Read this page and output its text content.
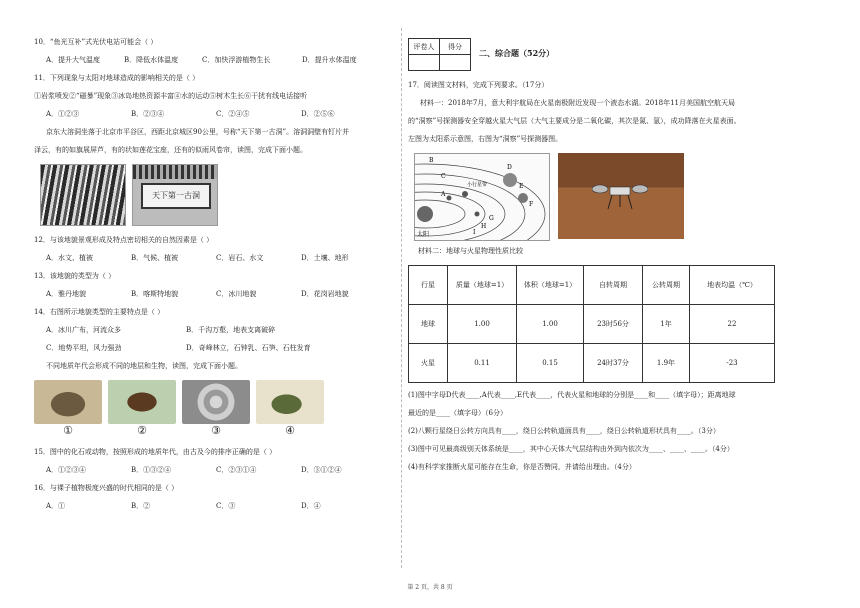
10．“鱼光互补”式光伏电站可能会（ ）

A．提升大气温度	B．降低水体温度	C．加快浮游植物生长	D．提升水体温度

11．下列现象与太阳对地球造成的影响相关的是（ ）

①岩浆喷发②“磁暴”现象③冰岛地热资源丰富④水的运动⑤树木生长⑥干扰有线电话接听

A．①②③	B．②③④	C．②④⑤	D．②⑤⑥

京东大溶洞坐落于北京市平谷区，西距北京城区90公里，号称“天下第一古洞”。溶洞洞壁有钉片并

泽云，有的如旗展屏芦，有的状如莲花宝座，还有的似雨风卷帘，读图，完成下面小题。

天下第一古洞

12．与该地貌景观形成及特点密切相关的自然因素是（ ）

A．水文、植被	B．气候、植被	C．岩石、水文	D．土壤、地形

13．该地貌的类型为（ ）

A．雅丹地貌	B．喀斯特地貌	C．冰川地貌	D．花岗岩地貌

14．右图所示地貌类型的主要特点是（ ）

A．冰川广布，河流众多	B．千沟万壑，地表支离破碎
C．地势平坦，风力强劲	D．奇峰林立，石钟乳、石笋、石柱发育

不同地质年代会形成不同的地层和生物，读图，完成下面小题。

①	②	③	④

15．图中的化石或动物，按照形成的地质年代，由古及今的排序正确的是（ ）

A．①②③④	B．①③②④	C．②③①④	D．③①②④

16．与裸子植物极度兴盛的时代相同的是（ ）

A．①	B．②	C．③	D．④
评卷人	得分

二、综合题（52分）

17．阅读图文材料，完成下列要求。（17分）

材料一：2018年7月，意大利宇航局在火星南极附近发现一个液态水湖。2018年11月美国航空航天局

的“洞察”号探测器安全穿越火星大气层（大气主要成分是二氧化碳，其次是氮、氩），成功降落在火星表面。

左图为太阳系示意图，右图为“洞察”号探测器图。

B
C
A
D
E
F
G
H
I
太阳
小行星带

材料二：地球与火星物理性质比较

行星	质量（地球=1）	体积（地球=1）	自转周期	公转周期	地表均温（℃）
地球	1.00	1.00	23时56分	1年	22
火星	0.11	0.15	24时37分	1.9年	-23

(1)图中字母D代表____,A代表____,E代表____，代表火星和地球的分别是____和____（填字母）；距离地球

最近的是____（填字母）（6分）

(2)八颗行星绕日公转方向具有____，绕日公转轨道面具有____，绕日公转轨道形状具有____。（3分）

(3)图中可见最高级别天体系统是____，其中心天体大气层结构由外到内依次为____、____、____。（4分）

(4)有科学家推断火星可能存在生命，你是否赞同，并请给出理由。（4分）

第 2 页，共 8 页
